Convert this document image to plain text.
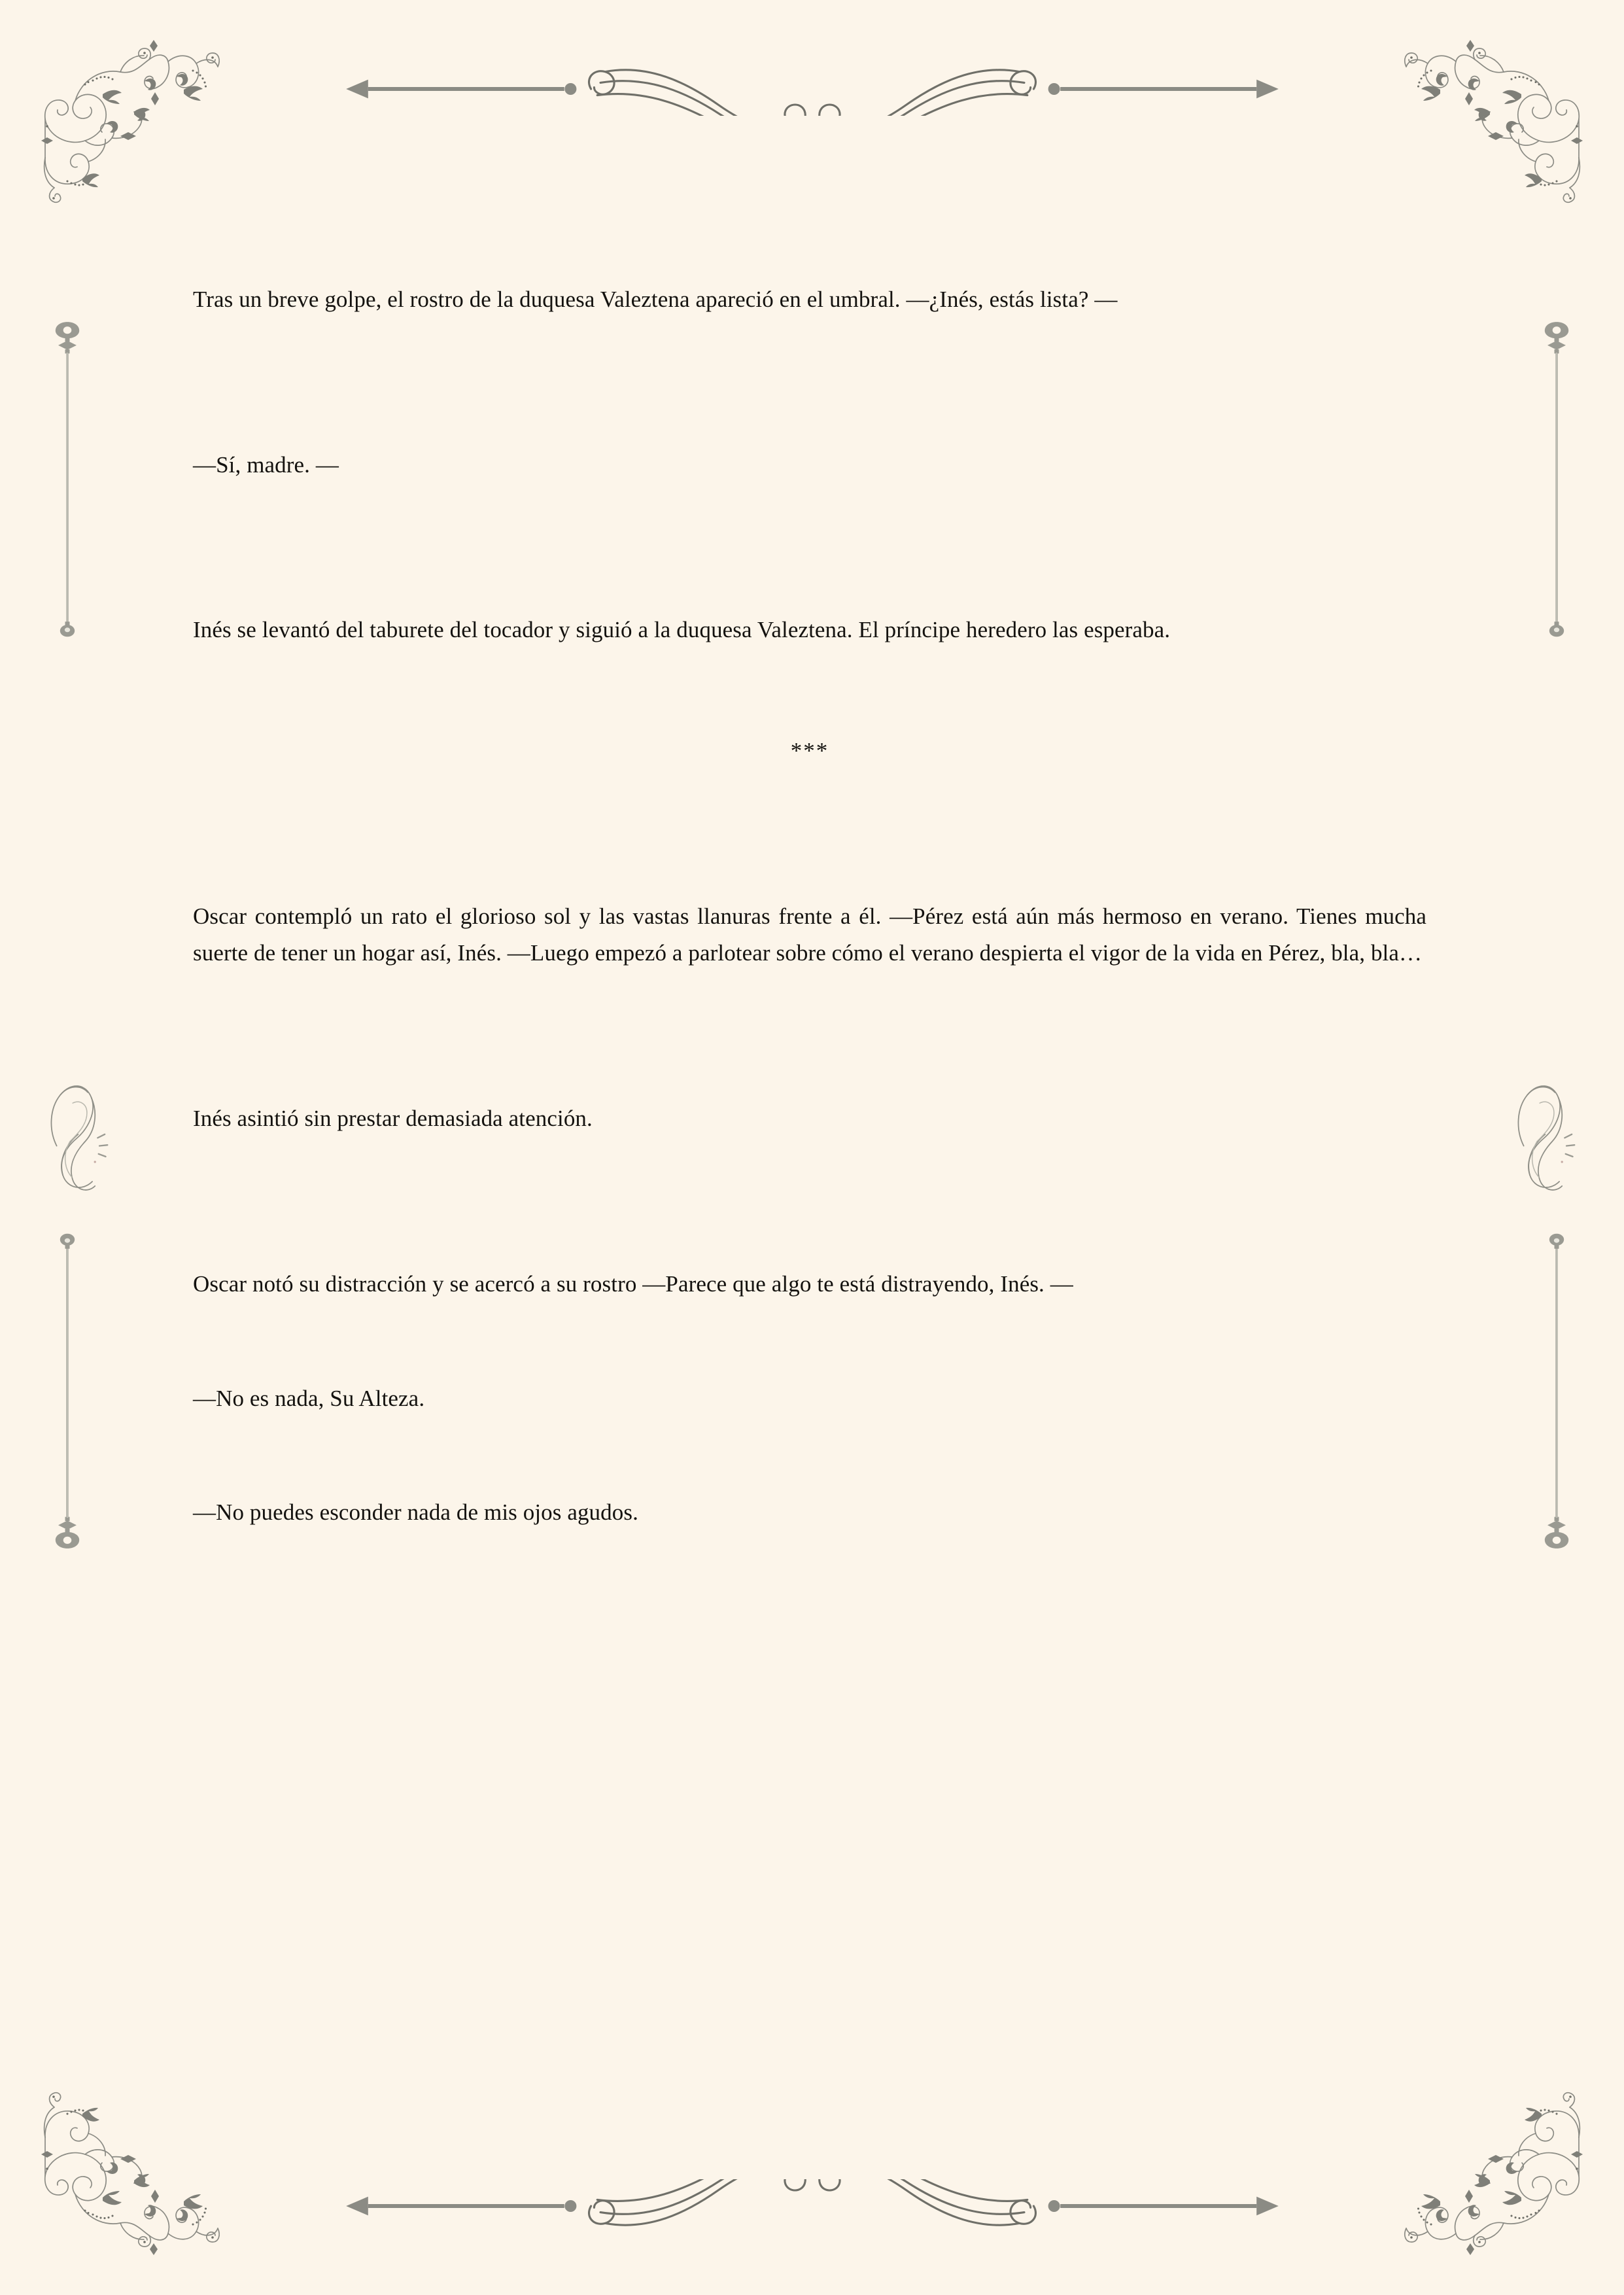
Tras un breve golpe, el rostro de la duquesa Valeztena apareció en el umbral. —¿Inés, estás lista? —

—Sí, madre. —

Inés se levantó del taburete del tocador y siguió a la duquesa Valeztena. El príncipe heredero las esperaba.

***

Oscar contempló un rato el glorioso sol y las vastas llanuras frente a él. —Pérez está aún más hermoso en verano. Tienes mucha suerte de tener un hogar así, Inés. —Luego empezó a parlotear sobre cómo el verano despierta el vigor de la vida en Pérez, bla, bla…

Inés asintió sin prestar demasiada atención.

Oscar notó su distracción y se acercó a su rostro —Parece que algo te está distrayendo, Inés. —

—No es nada, Su Alteza.

—No puedes esconder nada de mis ojos agudos.
